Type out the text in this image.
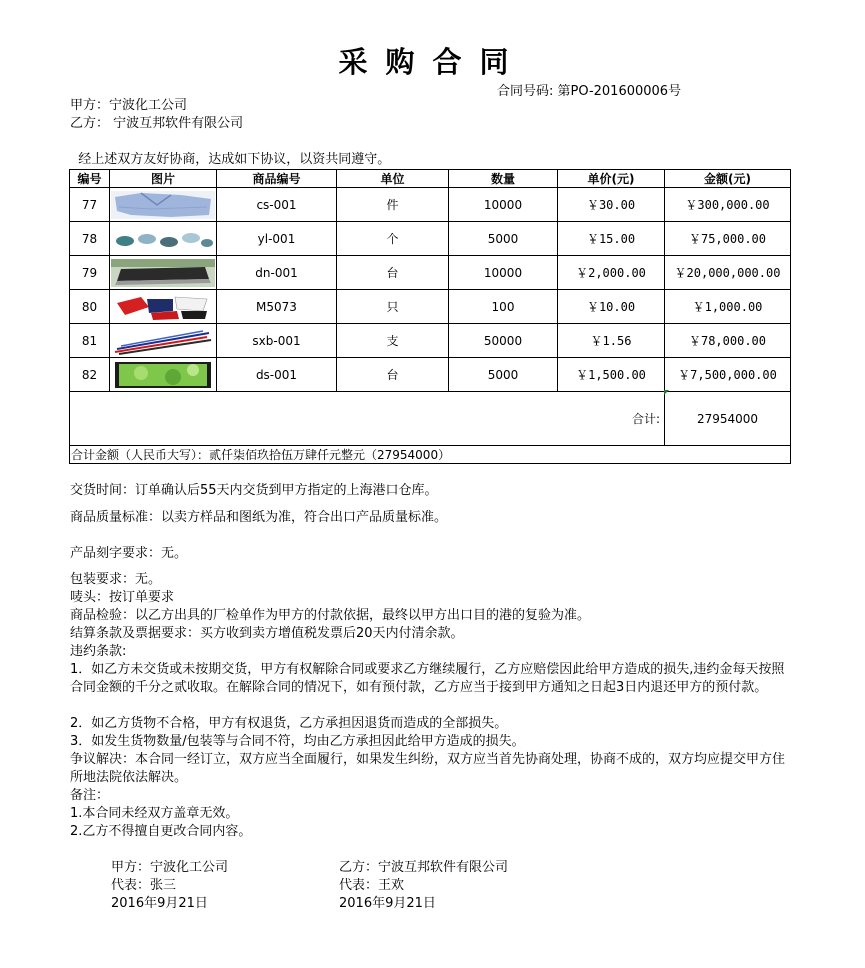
采购合同
合同号码: 第PO-201600006号
甲方：宁波化工公司
乙方： 宁波互邦软件有限公司
经上述双方友好协商，达成如下协议，以资共同遵守。
编号	图片	商品编号	单位	数量	单价(元)	金额(元)
77		cs-001	件	10000	￥30.00	￥300,000.00
78		yl-001	个	5000	￥15.00	￥75,000.00
79		dn-001	台	10000	￥2,000.00	￥20,000,000.00
80		M5073	只	100	￥10.00	￥1,000.00
81		sxb-001	支	50000	￥1.56	￥78,000.00
82		ds-001	台	5000	￥1,500.00	￥7,500,000.00
合计:						27954000
合计金额（人民币大写）：贰仟柒佰玖拾伍万肆仟元整元（27954000）						
交货时间：订单确认后55天内交货到甲方指定的上海港口仓库。
商品质量标准：以卖方样品和图纸为准，符合出口产品质量标准。
产品刻字要求：无。
包装要求：无。
唛头：按订单要求
商品检验：以乙方出具的厂检单作为甲方的付款依据，最终以甲方出口目的港的复验为准。
结算条款及票据要求：买方收到卖方增值税发票后20天内付清余款。
违约条款:
1．如乙方未交货或未按期交货，甲方有权解除合同或要求乙方继续履行，乙方应赔偿因此给甲方造成的损失,违约金每天按照合同金额的千分之贰收取。在解除合同的情况下，如有预付款，乙方应当于接到甲方通知之日起3日内退还甲方的预付款。
2．如乙方货物不合格，甲方有权退货，乙方承担因退货而造成的全部损失。
3．如发生货物数量/包装等与合同不符，均由乙方承担因此给甲方造成的损失。
争议解决：本合同一经订立，双方应当全面履行，如果发生纠纷，双方应当首先协商处理，协商不成的，双方均应提交甲方住所地法院依法解决。
备注：
1.本合同未经双方盖章无效。
2.乙方不得擅自更改合同内容。
甲方：宁波化工公司
代表：张三
2016年9月21日
乙方：宁波互邦软件有限公司
代表：王欢
2016年9月21日
